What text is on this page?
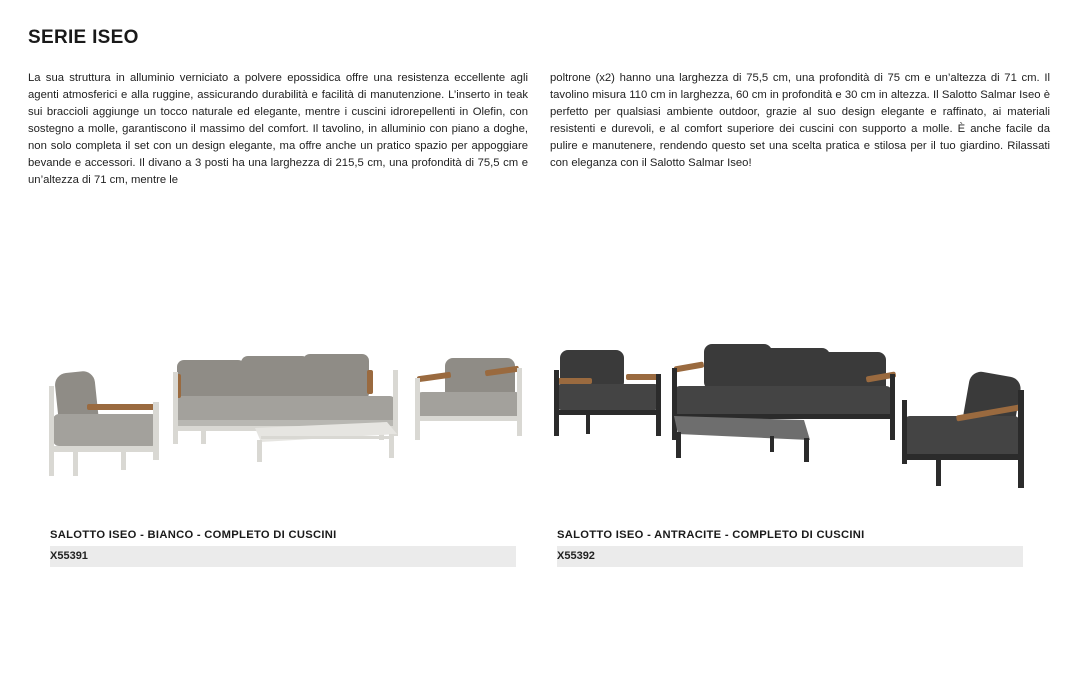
SERIE ISEO

La sua struttura in alluminio verniciato a polvere epossidica offre una resistenza eccellente agli agenti atmosferici e alla ruggine, assicurando durabilità e facilità di manutenzione. L’inserto in teak sui braccioli aggiunge un tocco naturale ed elegante, mentre i cuscini idrorepellenti in Olefin, con sostegno a molle, garantiscono il massimo del comfort. Il tavolino, in alluminio con piano a doghe, non solo completa il set con un design elegante, ma offre anche un pratico spazio per appoggiare bevande e accessori. Il divano a 3 posti ha una larghezza di 215,5 cm, una profondità di 75,5 cm e un’altezza di 71 cm, mentre le

poltrone (x2) hanno una larghezza di 75,5 cm, una profondità di 75 cm e un’altezza di 71 cm. Il tavolino misura 110 cm in larghezza, 60 cm in profondità e 30 cm in altezza. Il Salotto Salmar Iseo è perfetto per qualsiasi ambiente outdoor, grazie al suo design elegante e raffinato, ai materiali resistenti e durevoli, e al comfort superiore dei cuscini con supporto a molle. È anche facile da pulire e manutenere, rendendo questo set una scelta pratica e stilosa per il tuo giardino. Rilassati con eleganza con il Salotto Salmar Iseo!

SALOTTO ISEO - BIANCO - COMPLETO DI CUSCINI

X55391

SALOTTO ISEO - ANTRACITE - COMPLETO DI CUSCINI

X55392
